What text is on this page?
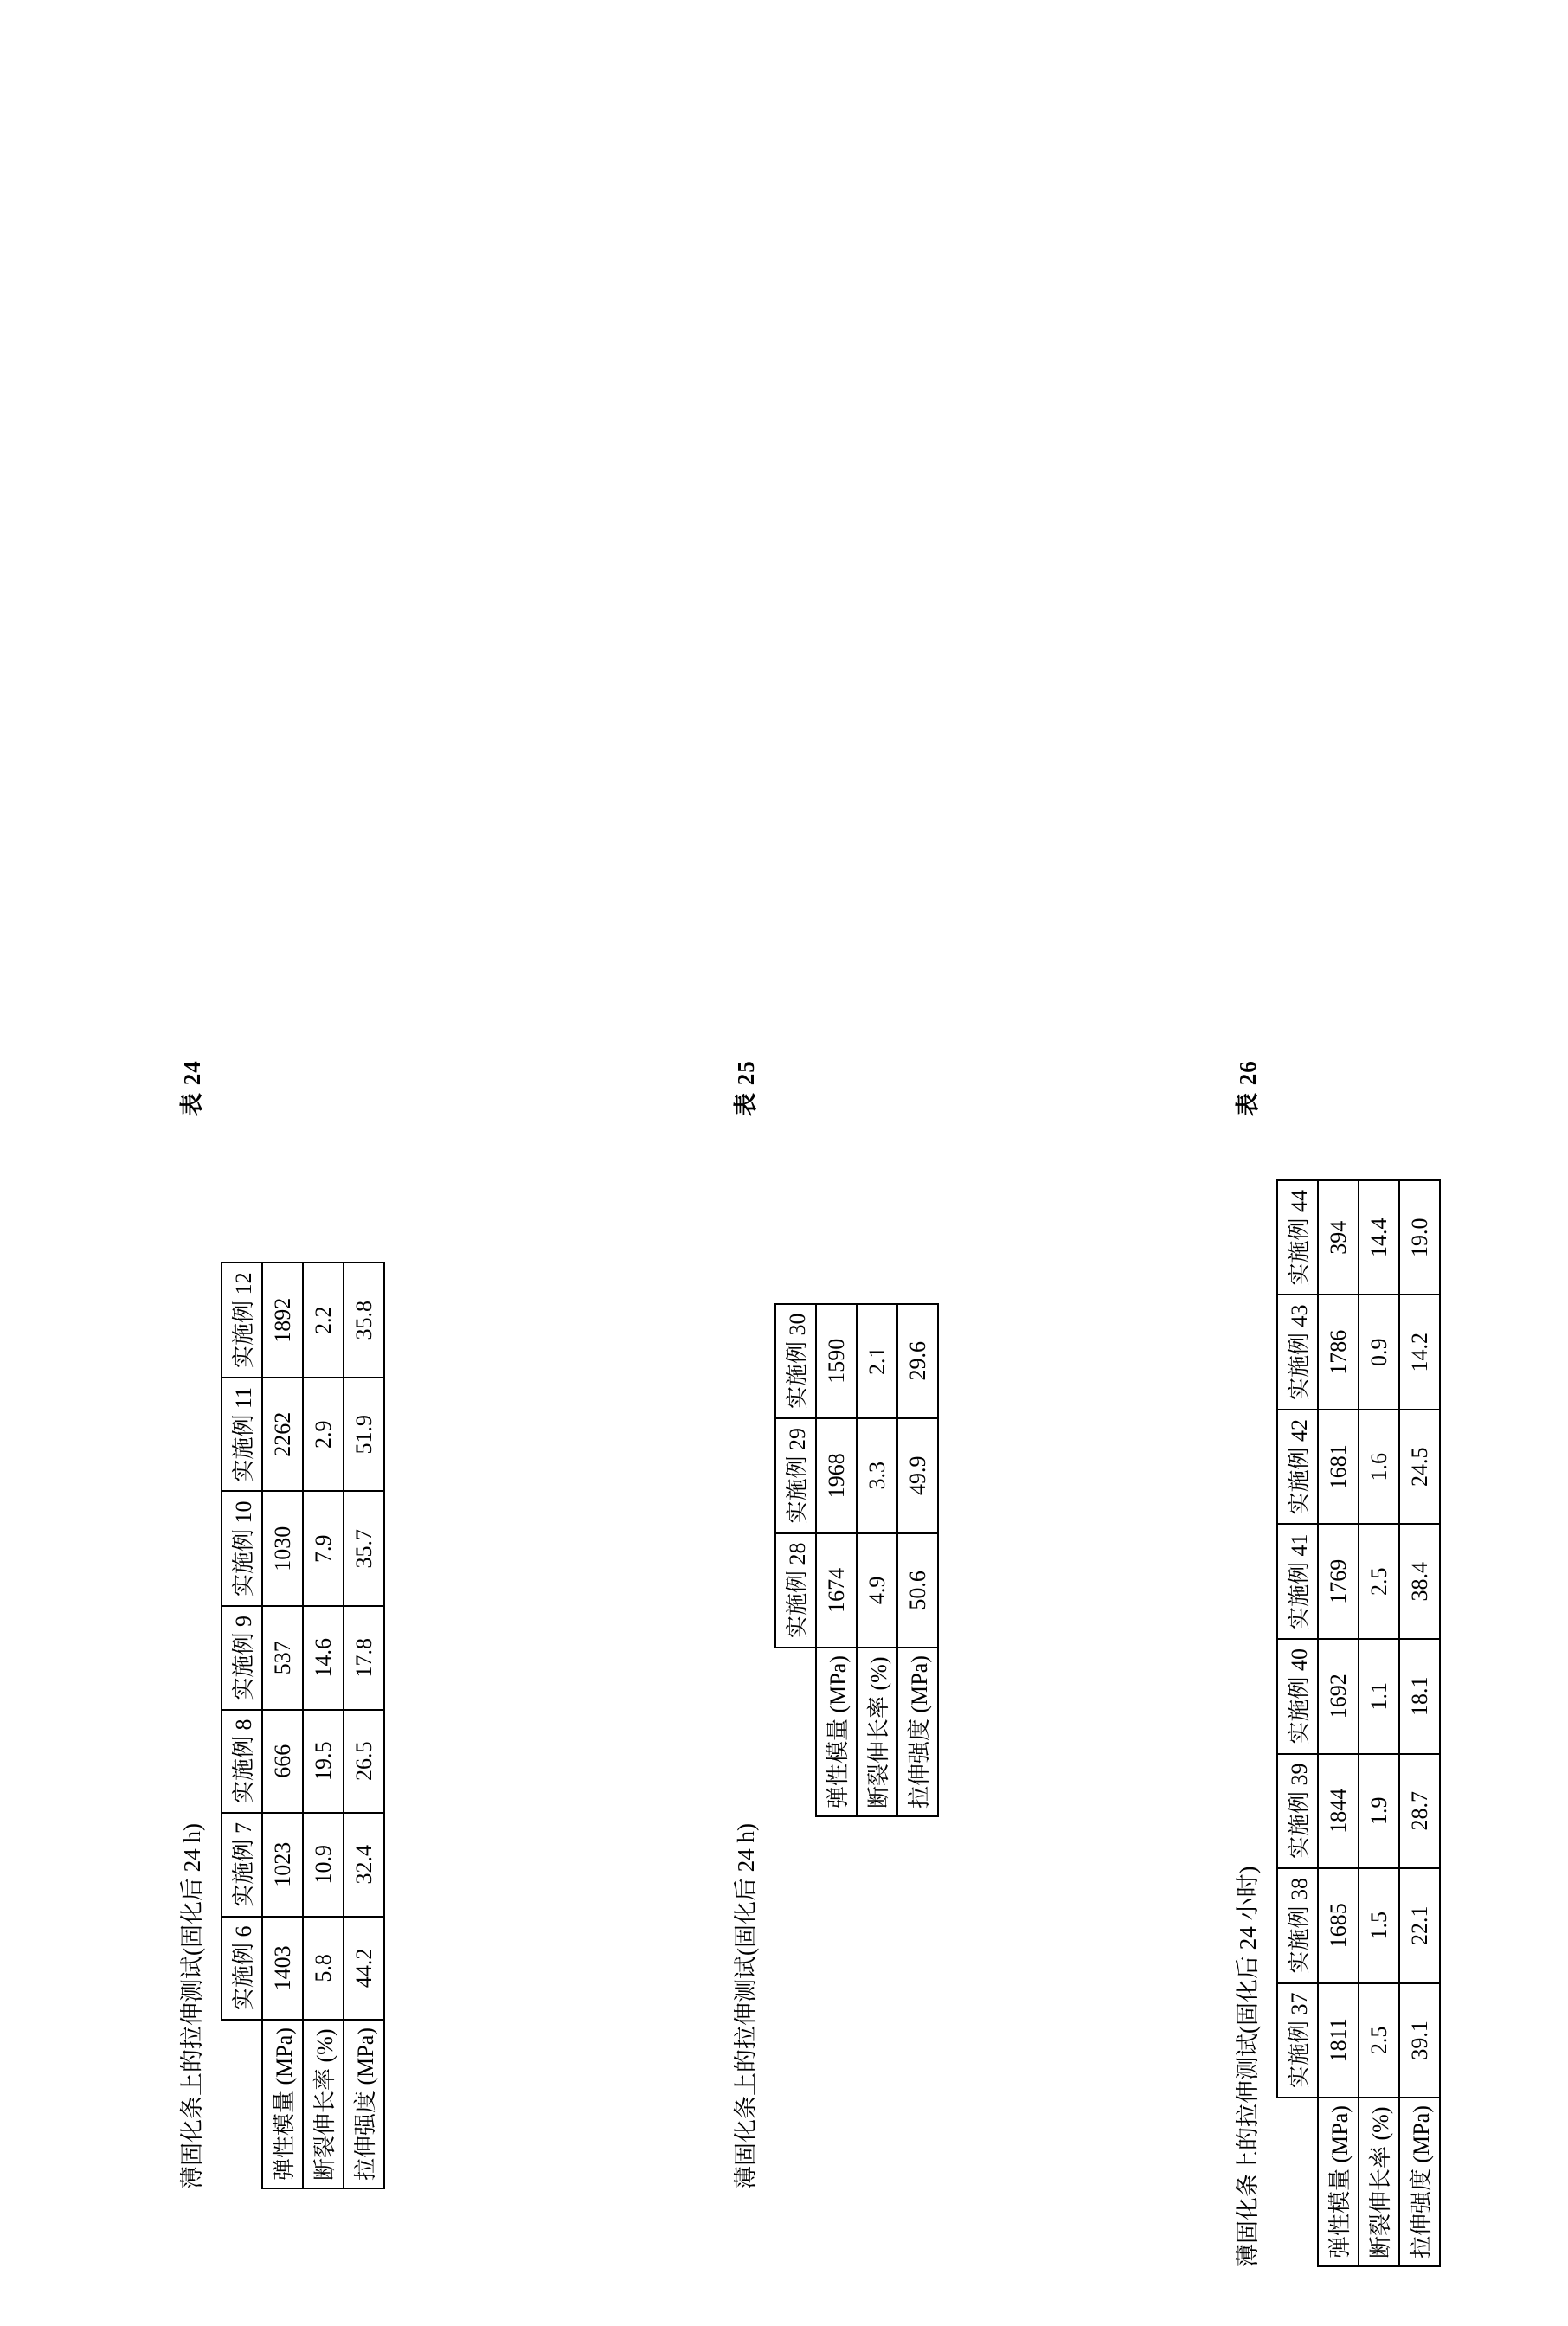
表 24
薄固化条上的拉伸测试(固化后 24 h)
	实施例 6	实施例 7	实施例 8	实施例 9	实施例 10	实施例 11	实施例 12
弹性模量 (MPa)	1403	1023	666	537	1030	2262	1892
断裂伸长率 (%)	5.8	10.9	19.5	14.6	7.9	2.9	2.2
拉伸强度 (MPa)	44.2	32.4	26.5	17.8	35.7	51.9	35.8
表 25
薄固化条上的拉伸测试(固化后 24 h)
	实施例 28	实施例 29	实施例 30
弹性模量 (MPa)	1674	1968	1590
断裂伸长率 (%)	4.9	3.3	2.1
拉伸强度 (MPa)	50.6	49.9	29.6
表 26
薄固化条上的拉伸测试(固化后 24 小时)
	实施例 37	实施例 38	实施例 39	实施例 40	实施例 41	实施例 42	实施例 43	实施例 44
弹性模量 (MPa)	1811	1685	1844	1692	1769	1681	1786	394
断裂伸长率 (%)	2.5	1.5	1.9	1.1	2.5	1.6	0.9	14.4
拉伸强度 (MPa)	39.1	22.1	28.7	18.1	38.4	24.5	14.2	19.0
